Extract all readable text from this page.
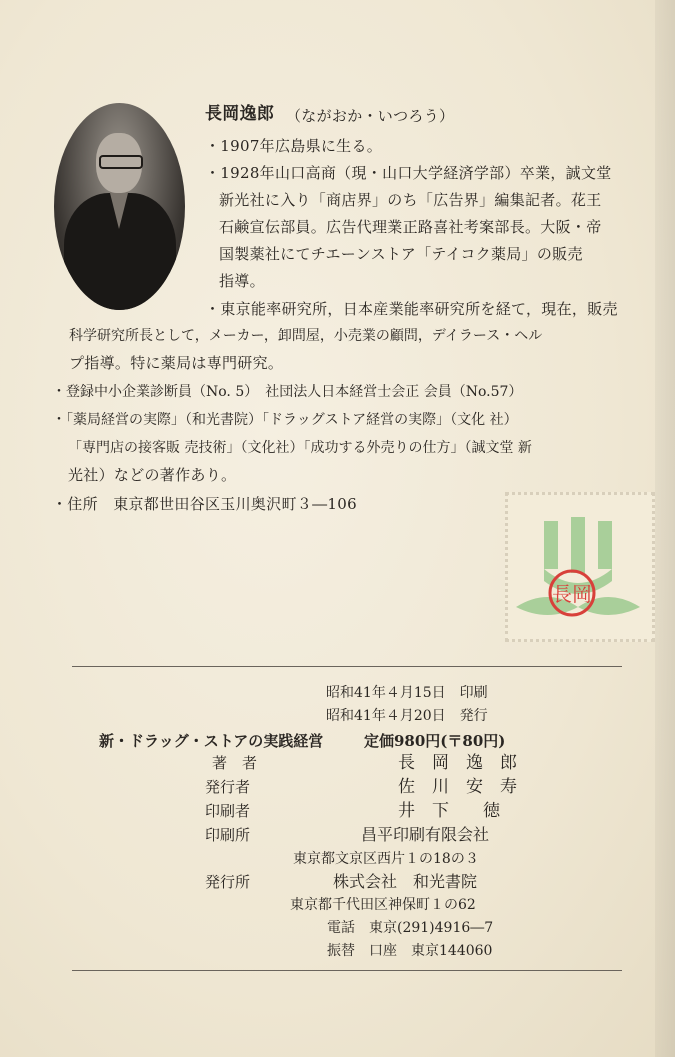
長岡逸郎 （ながおか・いつろう）
・1907年広島県に生る。
・1928年山口高商（現・山口大学経済学部）卒業，誠文堂
新光社に入り「商店界」のち「広告界」編集記者。花王
石鹸宣伝部員。広告代理業正路喜社考案部長。大阪・帝
国製薬社にてチエーンストア「テイコク薬局」の販売
指導。
・東京能率研究所，日本産業能率研究所を経て，現在，販売
科学研究所長として，メーカー，卸問屋，小売業の顧問，デイラース・ヘル
プ指導。特に薬局は専門研究。
・登録中小企業診断員（No. 5）　社団法人日本経営士会正 会員（No.57）
・「薬局経営の実際」（和光書院）「ドラッグストア経営の実際」（文化 社）
「専門店の接客販 売技術」（文化社）「成功する外売りの仕方」（誠文堂 新
光社）などの著作あり。
・住所　東京都世田谷区玉川奥沢町３―106
長岡
昭和41年４月15日　印刷
昭和41年４月20日　発行
新・ドラッグ・ストアの実践経営	定価980円(〒80円)
著　者	長　岡　逸　郎
発行者	佐　川　安　寿
印刷者	井　下　　徳
印刷所	昌平印刷有限会社
東京都文京区西片１の18の３
発行所	株式会社　和光書院
東京都千代田区神保町１の62
電話　東京(291)4916―7
振替　口座　東京144060
